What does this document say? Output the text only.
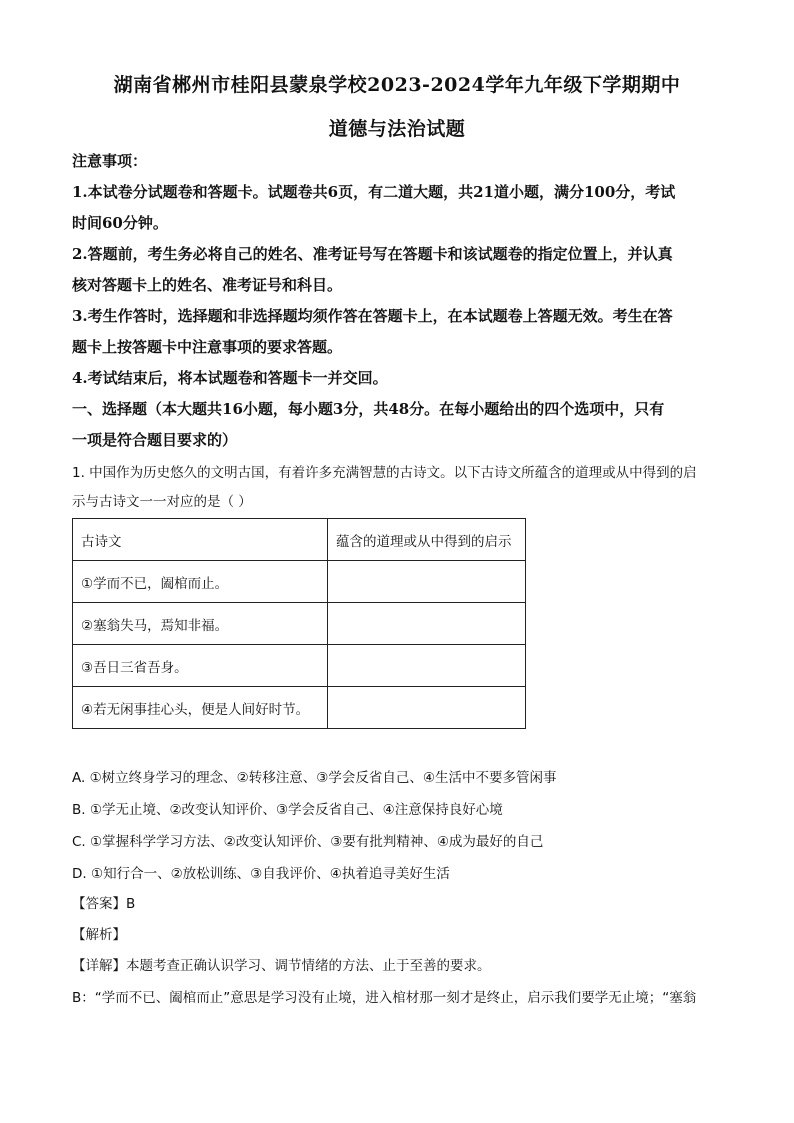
湖南省郴州市桂阳县蒙泉学校2023-2024学年九年级下学期期中
道德与法治试题
注意事项：
1.本试卷分试题卷和答题卡。试题卷共6页，有二道大题，共21道小题，满分100分，考试
时间60分钟。
2.答题前，考生务必将自己的姓名、准考证号写在答题卡和该试题卷的指定位置上，并认真
核对答题卡上的姓名、准考证号和科目。
3.考生作答时，选择题和非选择题均须作答在答题卡上，在本试题卷上答题无效。考生在答
题卡上按答题卡中注意事项的要求答题。
4.考试结束后，将本试题卷和答题卡一并交回。
一、选择题（本大题共16小题，每小题3分，共48分。在每小题给出的四个选项中，只有
一项是符合题目要求的）
1. 中国作为历史悠久的文明古国，有着许多充满智慧的古诗文。以下古诗文所蕴含的道理或从中得到的启
示与古诗文一一对应的是（ ）
古诗文	蕴含的道理或从中得到的启示
①学而不已，阖棺而止。	
②塞翁失马，焉知非福。	
③吾日三省吾身。	
④若无闲事挂心头，便是人间好时节。	
A. ①树立终身学习的理念、②转移注意、③学会反省自己、④生活中不要多管闲事
B. ①学无止境、②改变认知评价、③学会反省自己、④注意保持良好心境
C. ①掌握科学学习方法、②改变认知评价、③要有批判精神、④成为最好的自己
D. ①知行合一、②放松训练、③自我评价、④执着追寻美好生活
【答案】B
【解析】
【详解】本题考查正确认识学习、调节情绪的方法、止于至善的要求。
B：“学而不已、阖棺而止”意思是学习没有止境，进入棺材那一刻才是终止，启示我们要学无止境；“塞翁
